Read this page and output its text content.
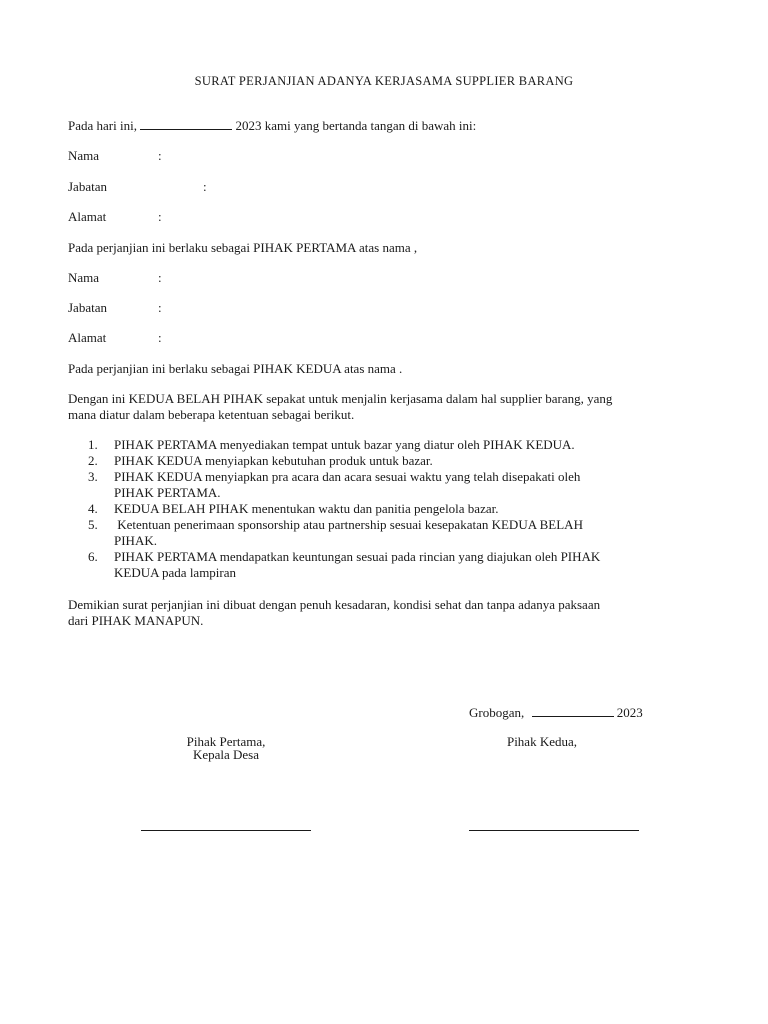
SURAT PERJANJIAN ADANYA KERJASAMA SUPPLIER BARANG
Pada hari ini,	2023 kami yang bertanda tangan di bawah ini:
Nama	:
Jabatan	:
Alamat	:
Pada perjanjian ini berlaku sebagai PIHAK PERTAMA atas nama ,
Nama	:
Jabatan	:
Alamat	:
Pada perjanjian ini berlaku sebagai PIHAK KEDUA atas nama .
Dengan ini KEDUA BELAH PIHAK sepakat untuk menjalin kerjasama dalam hal supplier barang, yang
mana diatur dalam beberapa ketentuan sebagai berikut.
1. PIHAK PERTAMA menyediakan tempat untuk bazar yang diatur oleh PIHAK KEDUA.
2. PIHAK KEDUA menyiapkan kebutuhan produk untuk bazar.
3. PIHAK KEDUA menyiapkan pra acara dan acara sesuai waktu yang telah disepakati oleh
PIHAK PERTAMA.
4. KEDUA BELAH PIHAK menentukan waktu dan panitia pengelola bazar.
5. Ketentuan penerimaan sponsorship atau partnership sesuai kesepakatan KEDUA BELAH
PIHAK.
6. PIHAK PERTAMA mendapatkan keuntungan sesuai pada rincian yang diajukan oleh PIHAK
KEDUA pada lampiran
Demikian surat perjanjian ini dibuat dengan penuh kesadaran, kondisi sehat dan tanpa adanya paksaan
dari PIHAK MANAPUN.
Grobogan,	2023
Pihak Pertama,
Kepala Desa
Pihak Kedua,
